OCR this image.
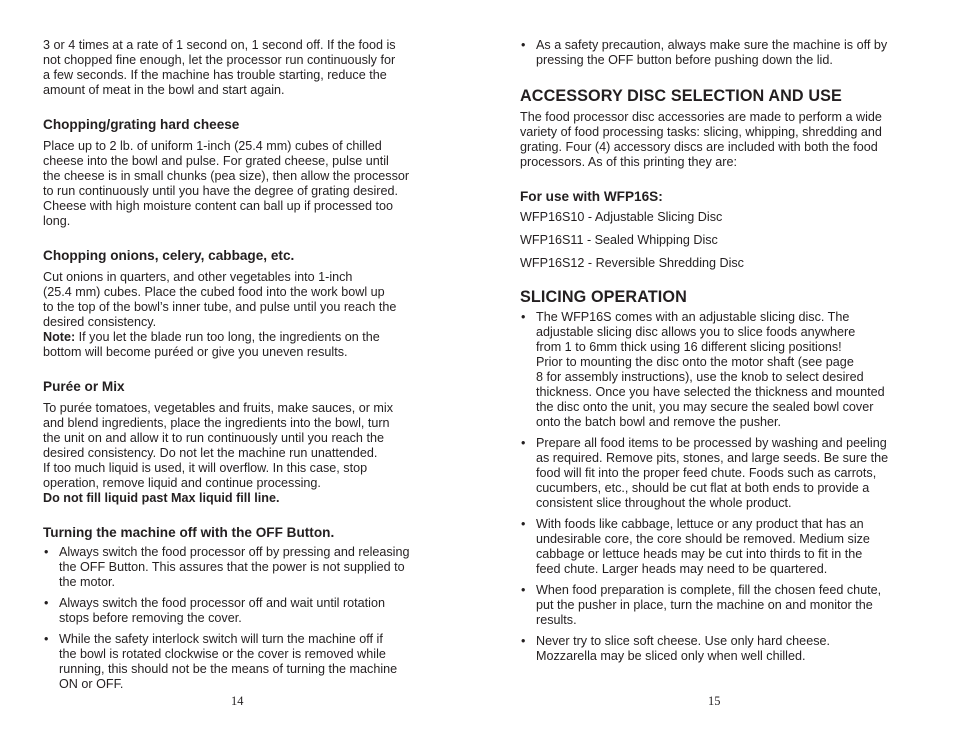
3 or 4 times at a rate of 1 second on, 1 second off. If the food is
not chopped fine enough, let the processor run continuously for
a few seconds. If the machine has trouble starting, reduce the
amount of meat in the bowl and start again.

Chopping/grating hard cheese

Place up to 2 lb. of uniform 1-inch (25.4 mm) cubes of chilled
cheese into the bowl and pulse. For grated cheese, pulse until
the cheese is in small chunks (pea size), then allow the processor
to run continuously until you have the degree of grating desired.
Cheese with high moisture content can ball up if processed too
long.

Chopping onions, celery, cabbage, etc.

Cut onions in quarters, and other vegetables into 1-inch
(25.4 mm) cubes. Place the cubed food into the work bowl up
to the top of the bowl’s inner tube, and pulse until you reach the
desired consistency.

Note: If you let the blade run too long, the ingredients on the
bottom will become puréed or give you uneven results.

Purée or Mix

To purée tomatoes, vegetables and fruits, make sauces, or mix
and blend ingredients, place the ingredients into the bowl, turn
the unit on and allow it to run continuously until you reach the
desired consistency. Do not let the machine run unattended.
If too much liquid is used, it will overflow. In this case, stop
operation, remove liquid and continue processing.

Do not fill liquid past Max liquid fill line.

Turning the machine off with the OFF Button.
• Always switch the food processor off by pressing and releasing
the OFF Button. This assures that the power is not supplied to
the motor.
• Always switch the food processor off and wait until rotation
stops before removing the cover.
• While the safety interlock switch will turn the machine off if
the bowl is rotated clockwise or the cover is removed while
running, this should not be the means of turning the machine
ON or OFF.
14
• As a safety precaution, always make sure the machine is off by
pressing the OFF button before pushing down the lid.
ACCESSORY DISC SELECTION AND USE

The food processor disc accessories are made to perform a wide
variety of food processing tasks: slicing, whipping, shredding and
grating. Four (4) accessory discs are included with both the food
processors. As of this printing they are:

For use with WFP16S:

WFP16S10 - Adjustable Slicing Disc

WFP16S11 - Sealed Whipping Disc

WFP16S12 - Reversible Shredding Disc

SLICING OPERATION
• The WFP16S comes with an adjustable slicing disc. The
adjustable slicing disc allows you to slice foods anywhere
from 1 to 6mm thick using 16 different slicing positions!
Prior to mounting the disc onto the motor shaft (see page
8 for assembly instructions), use the knob to select desired
thickness. Once you have selected the thickness and mounted
the disc onto the unit, you may secure the sealed bowl cover
onto the batch bowl and remove the pusher.
• Prepare all food items to be processed by washing and peeling
as required. Remove pits, stones, and large seeds. Be sure the
food will fit into the proper feed chute. Foods such as carrots,
cucumbers, etc., should be cut flat at both ends to provide a
consistent slice throughout the whole product.
• With foods like cabbage, lettuce or any product that has an
undesirable core, the core should be removed. Medium size
cabbage or lettuce heads may be cut into thirds to fit in the
feed chute. Larger heads may need to be quartered.
• When food preparation is complete, fill the chosen feed chute,
put the pusher in place, turn the machine on and monitor the
results.
• Never try to slice soft cheese. Use only hard cheese.
Mozzarella may be sliced only when well chilled.
15
